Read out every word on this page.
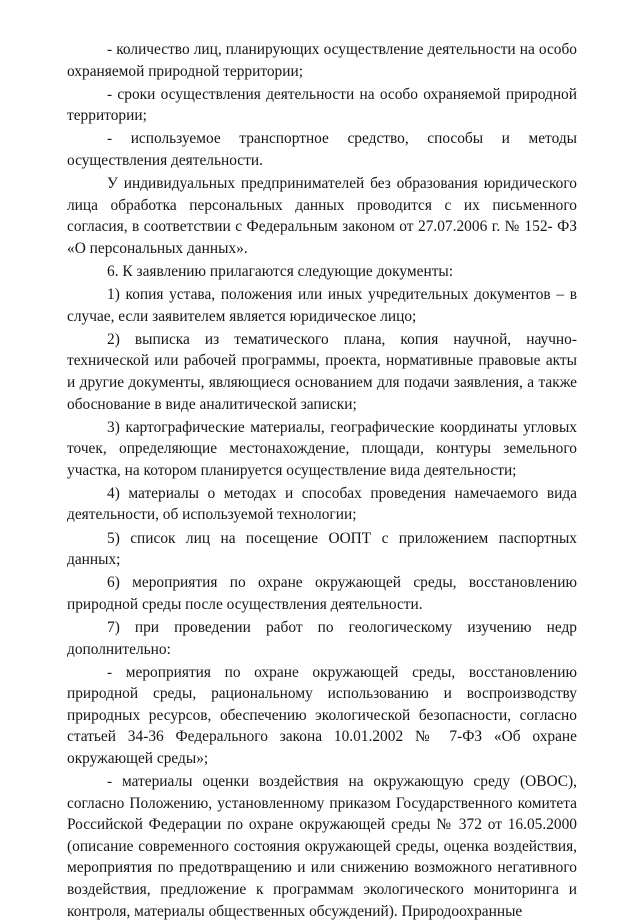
- количество лиц, планирующих осуществление деятельности на особо охраняемой природной территории;

- сроки осуществления деятельности на особо охраняемой природной территории;

- используемое транспортное средство, способы и методы осуществления деятельности.

У индивидуальных предпринимателей без образования юридического лица обработка персональных данных проводится с их письменного согласия, в соответствии с Федеральным законом от 27.07.2006 г. № 152- ФЗ «О персональных данных».

6. К заявлению прилагаются следующие документы:

1) копия устава, положения или иных учредительных документов – в случае, если заявителем является юридическое лицо;

2) выписка из тематического плана, копия научной, научно-технической или рабочей программы, проекта, нормативные правовые акты и другие документы, являющиеся основанием для подачи заявления, а также обоснование в виде аналитической записки;

3) картографические материалы, географические координаты угловых точек, определяющие местонахождение, площади, контуры земельного участка, на котором планируется осуществление вида деятельности;

4) материалы о методах и способах проведения намечаемого вида деятельности, об используемой технологии;

5) список лиц на посещение ООПТ с приложением паспортных данных;

6) мероприятия по охране окружающей среды, восстановлению природной среды после осуществления деятельности.

7) при проведении работ по геологическому изучению недр дополнительно:

- мероприятия по охране окружающей среды, восстановлению природной среды, рациональному использованию и воспроизводству природных ресурсов, обеспечению экологической безопасности, согласно статьей 34-36 Федерального закона 10.01.2002 № 7-ФЗ «Об охране окружающей среды»;

- материалы оценки воздействия на окружающую среду (ОВОС), согласно Положению, установленному приказом Государственного комитета Российской Федерации по охране окружающей среды № 372 от 16.05.2000 (описание современного состояния окружающей среды, оценка воздействия, мероприятия по предотвращению и или снижению возможного негативного воздействия, предложение к программам экологического мониторинга и контроля, материалы общественных обсуждений). Природоохранные
